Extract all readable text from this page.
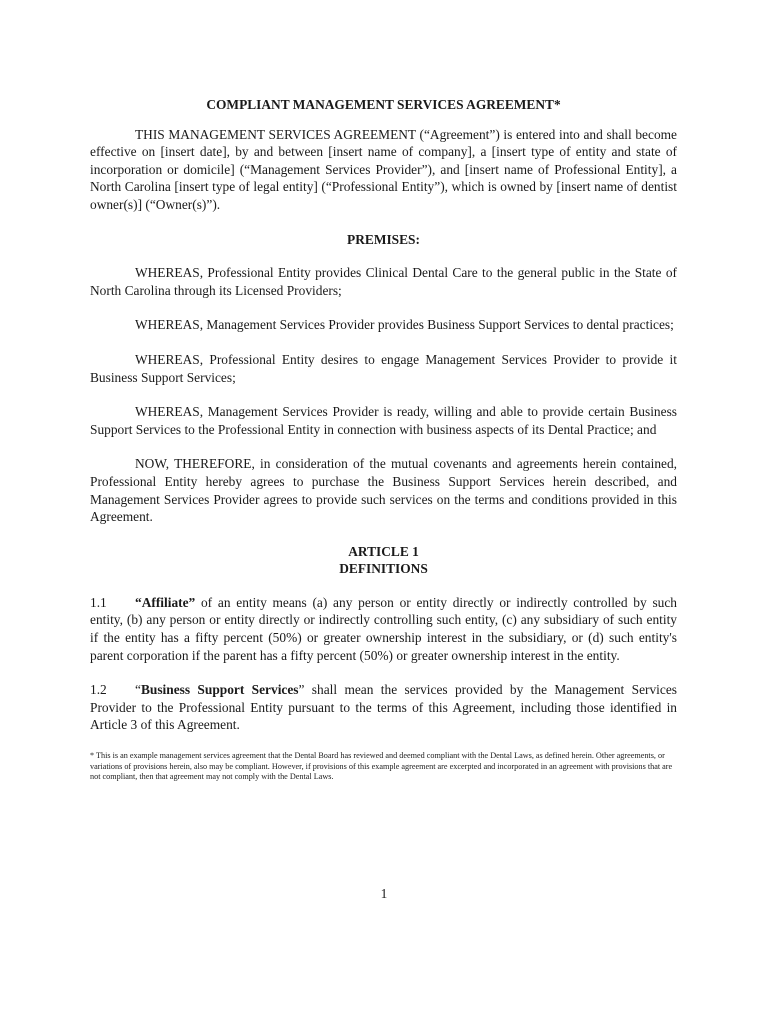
COMPLIANT MANAGEMENT SERVICES AGREEMENT*

THIS MANAGEMENT SERVICES AGREEMENT (“Agreement”) is entered into and shall become effective on [insert date], by and between [insert name of company], a [insert type of entity and state of incorporation or domicile] (“Management Services Provider”), and [insert name of Professional Entity], a North Carolina [insert type of legal entity] (“Professional Entity”), which is owned by [insert name of dentist owner(s)] (“Owner(s)”).

PREMISES:

WHEREAS, Professional Entity provides Clinical Dental Care to the general public in the State of North Carolina through its Licensed Providers;

WHEREAS, Management Services Provider provides Business Support Services to dental practices;

WHEREAS, Professional Entity desires to engage Management Services Provider to provide it Business Support Services;

WHEREAS, Management Services Provider is ready, willing and able to provide certain Business Support Services to the Professional Entity in connection with business aspects of its Dental Practice; and

NOW, THEREFORE, in consideration of the mutual covenants and agreements herein contained, Professional Entity hereby agrees to purchase the Business Support Services herein described, and Management Services Provider agrees to provide such services on the terms and conditions provided in this Agreement.

ARTICLE 1

DEFINITIONS

1.1 “Affiliate” of an entity means (a) any person or entity directly or indirectly controlled by such entity, (b) any person or entity directly or indirectly controlling such entity, (c) any subsidiary of such entity if the entity has a fifty percent (50%) or greater ownership interest in the subsidiary, or (d) such entity's parent corporation if the parent has a fifty percent (50%) or greater ownership interest in the entity.

1.2 “Business Support Services” shall mean the services provided by the Management Services Provider to the Professional Entity pursuant to the terms of this Agreement, including those identified in Article 3 of this Agreement.

* This is an example management services agreement that the Dental Board has reviewed and deemed compliant with the Dental Laws, as defined herein. Other agreements, or variations of provisions herein, also may be compliant. However, if provisions of this example agreement are excerpted and incorporated in an agreement with provisions that are not compliant, then that agreement may not comply with the Dental Laws.

1
